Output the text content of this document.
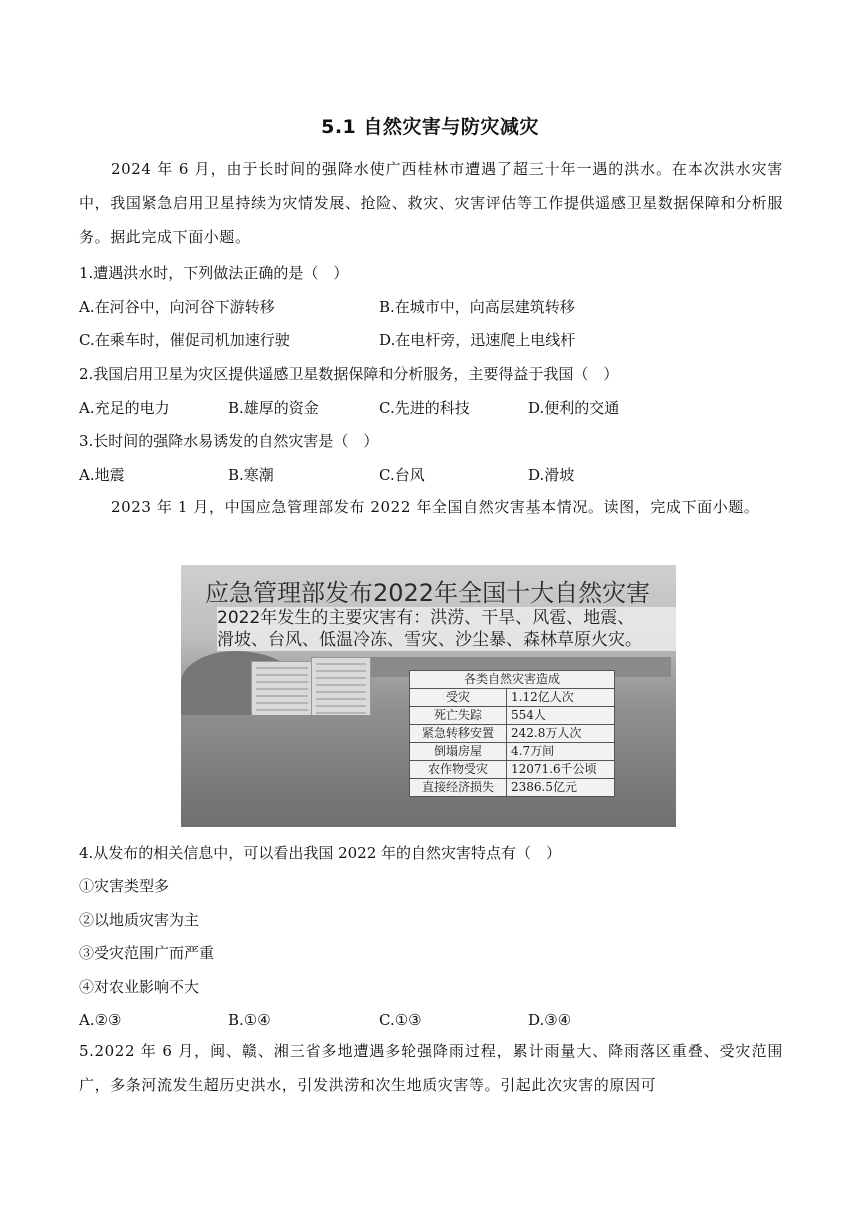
5.1 自然灾害与防灾减灾
2024 年 6 月，由于长时间的强降水使广西桂林市遭遇了超三十年一遇的洪水。在本次洪水灾害中，我国紧急启用卫星持续为灾情发展、抢险、救灾、灾害评估等工作提供遥感卫星数据保障和分析服务。据此完成下面小题。
1.遭遇洪水时，下列做法正确的是（　）
A.在河谷中，向河谷下游转移	B.在城市中，向高层建筑转移
C.在乘车时，催促司机加速行驶	D.在电杆旁，迅速爬上电线杆
2.我国启用卫星为灾区提供遥感卫星数据保障和分析服务，主要得益于我国（　）
A.充足的电力	B.雄厚的资金	C.先进的科技	D.便利的交通
3.长时间的强降水易诱发的自然灾害是（　）
A.地震	B.寒潮	C.台风	D.滑坡
2023 年 1 月，中国应急管理部发布 2022 年全国自然灾害基本情况。读图，完成下面小题。
应急管理部发布2022年全国十大自然灾害
2022年发生的主要灾害有：洪涝、干旱、风雹、地震、
滑坡、台风、低温冷冻、雪灾、沙尘暴、森林草原火灾。
各类自然灾害造成	
受灾	1.12亿人次
死亡失踪	554人
紧急转移安置	242.8万人次
倒塌房屋	4.7万间
农作物受灾	12071.6千公顷
直接经济损失	2386.5亿元
4.从发布的相关信息中，可以看出我国 2022 年的自然灾害特点有（　）
①灾害类型多
②以地质灾害为主
③受灾范围广而严重
④对农业影响不大
A.②③	B.①④	C.①③	D.③④
5.2022 年 6 月，闽、赣、湘三省多地遭遇多轮强降雨过程，累计雨量大、降雨落区重叠、受灾范围广，多条河流发生超历史洪水，引发洪涝和次生地质灾害等。引起此次灾害的原因可
